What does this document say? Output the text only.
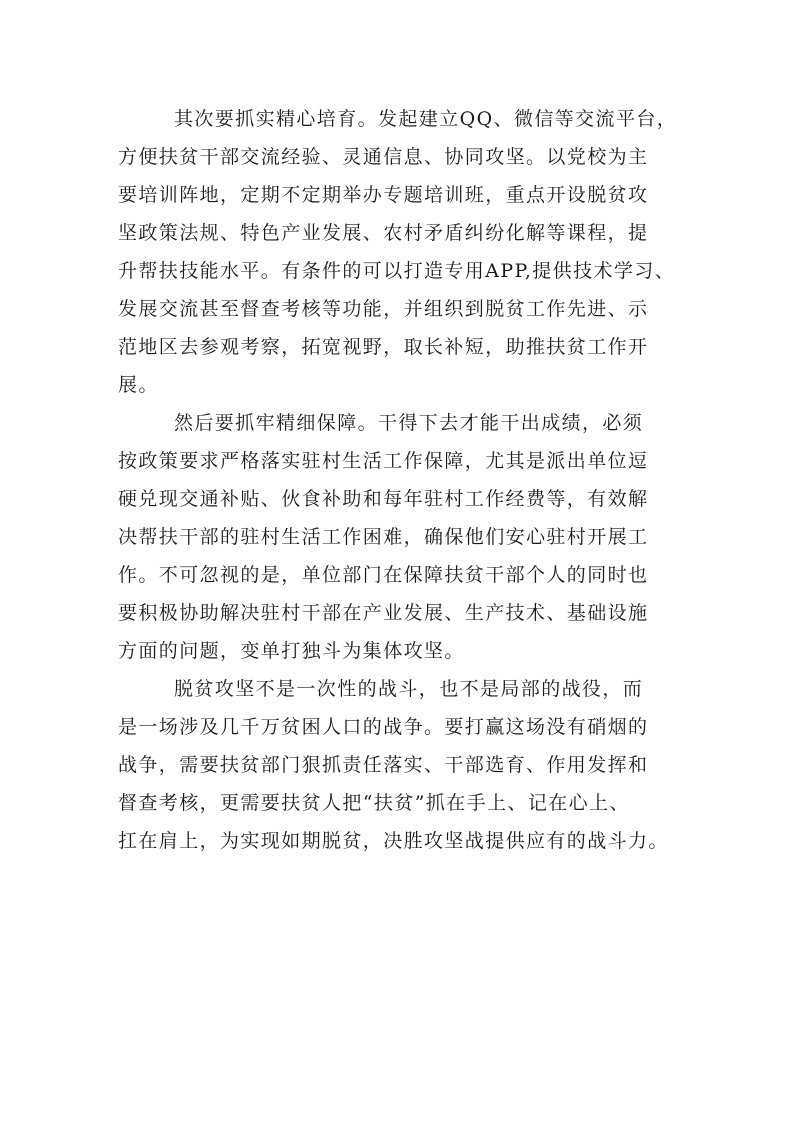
其次要抓实精心培育。发起建立QQ、微信等交流平台，
方便扶贫干部交流经验、灵通信息、协同攻坚。以党校为主
要培训阵地，定期不定期举办专题培训班，重点开设脱贫攻
坚政策法规、特色产业发展、农村矛盾纠纷化解等课程，提
升帮扶技能水平。有条件的可以打造专用APP,提供技术学习、
发展交流甚至督查考核等功能，并组织到脱贫工作先进、示
范地区去参观考察，拓宽视野，取长补短，助推扶贫工作开
展。
然后要抓牢精细保障。干得下去才能干出成绩，必须
按政策要求严格落实驻村生活工作保障，尤其是派出单位逗
硬兑现交通补贴、伙食补助和每年驻村工作经费等，有效解
决帮扶干部的驻村生活工作困难，确保他们安心驻村开展工
作。不可忽视的是，单位部门在保障扶贫干部个人的同时也
要积极协助解决驻村干部在产业发展、生产技术、基础设施
方面的问题，变单打独斗为集体攻坚。
脱贫攻坚不是一次性的战斗，也不是局部的战役，而
是一场涉及几千万贫困人口的战争。要打赢这场没有硝烟的
战争，需要扶贫部门狠抓责任落实、干部选育、作用发挥和
督查考核，更需要扶贫人把“扶贫”抓在手上、记在心上、
扛在肩上，为实现如期脱贫，决胜攻坚战提供应有的战斗力。
